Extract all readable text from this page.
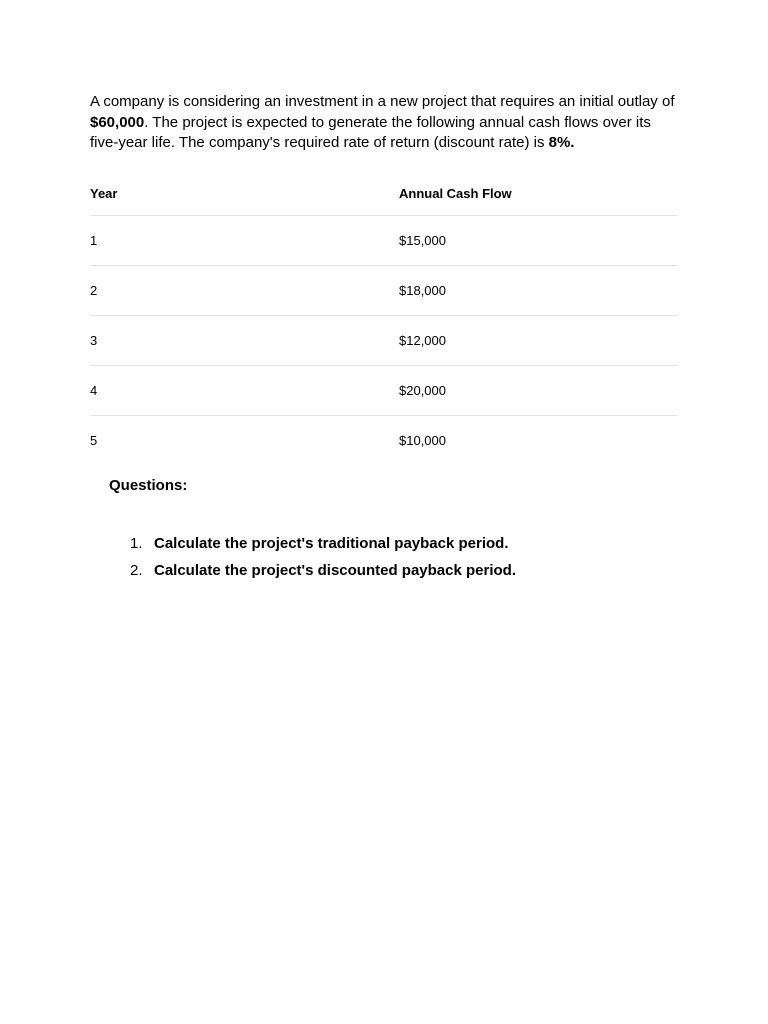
A company is considering an investment in a new project that requires an initial outlay of $60,000. The project is expected to generate the following annual cash flows over its five-year life. The company's required rate of return (discount rate) is 8%.

Year	Annual Cash Flow
1	$15,000
2	$18,000
3	$12,000
4	$20,000
5	$10,000
Questions:
1. Calculate the project's traditional payback period.
2. Calculate the project's discounted payback period.
